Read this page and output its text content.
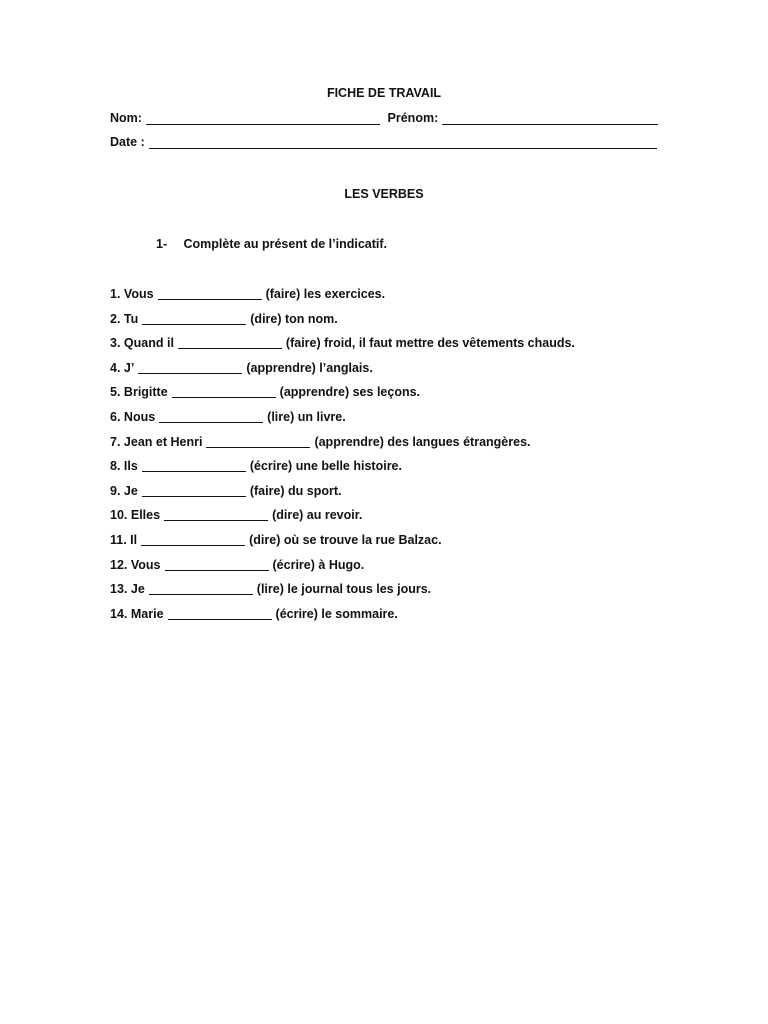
FICHE DE TRAVAIL
Nom:	Prénom:
Date :
LES VERBES
1- Complète au présent de l’indicatif.
1.
Vous	(faire)
les exercices.
2.
Tu	(dire)
ton nom.
3.
Quand il	(faire)
froid, il faut mettre des vêtements chauds.
4.
J’	(apprendre)
l’anglais.
5.
Brigitte	(apprendre)
ses leçons.
6.
Nous	(lire)
un livre.
7.
Jean et Henri	(apprendre)
des langues étrangères.
8.
Ils	(écrire)
une belle histoire.
9.
Je	(faire)
du sport.
10.
Elles	(dire)
au revoir.
11.
Il	(dire)
où se trouve la rue Balzac.
12.
Vous	(écrire)
à Hugo.
13.
Je	(lire)
le journal tous les jours.
14.
Marie	(écrire)
le sommaire.
